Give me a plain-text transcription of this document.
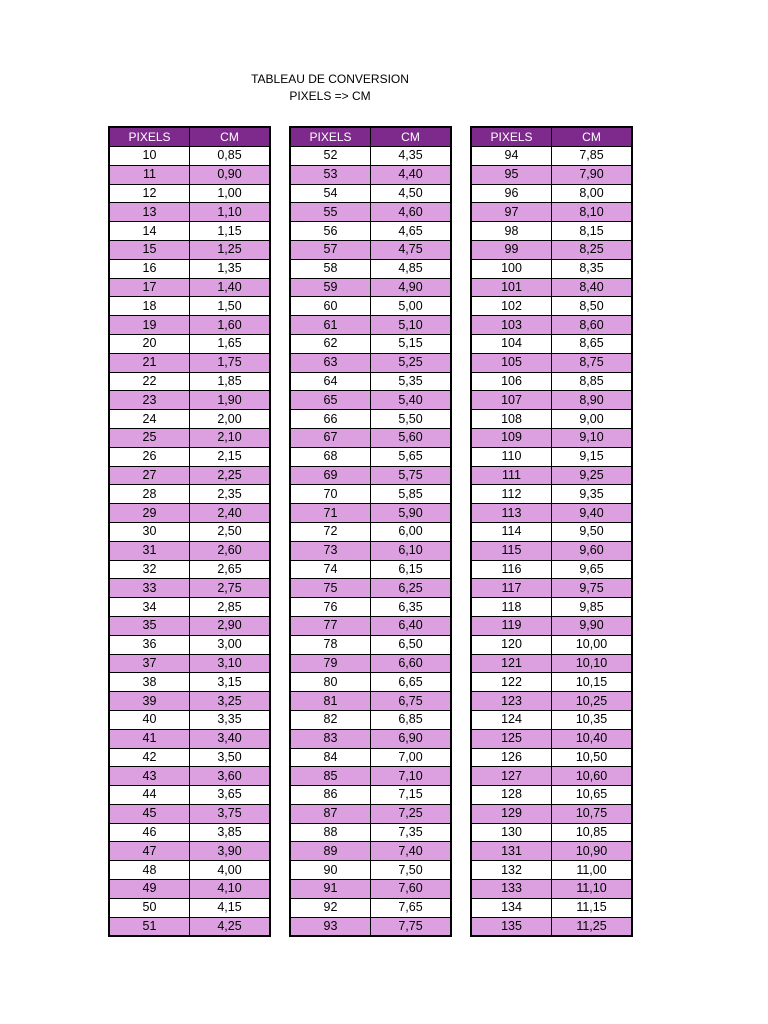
TABLEAU DE CONVERSION
PIXELS => CM
PIXELS	CM
10	0,85
11	0,90
12	1,00
13	1,10
14	1,15
15	1,25
16	1,35
17	1,40
18	1,50
19	1,60
20	1,65
21	1,75
22	1,85
23	1,90
24	2,00
25	2,10
26	2,15
27	2,25
28	2,35
29	2,40
30	2,50
31	2,60
32	2,65
33	2,75
34	2,85
35	2,90
36	3,00
37	3,10
38	3,15
39	3,25
40	3,35
41	3,40
42	3,50
43	3,60
44	3,65
45	3,75
46	3,85
47	3,90
48	4,00
49	4,10
50	4,15
51	4,25
PIXELS	CM
52	4,35
53	4,40
54	4,50
55	4,60
56	4,65
57	4,75
58	4,85
59	4,90
60	5,00
61	5,10
62	5,15
63	5,25
64	5,35
65	5,40
66	5,50
67	5,60
68	5,65
69	5,75
70	5,85
71	5,90
72	6,00
73	6,10
74	6,15
75	6,25
76	6,35
77	6,40
78	6,50
79	6,60
80	6,65
81	6,75
82	6,85
83	6,90
84	7,00
85	7,10
86	7,15
87	7,25
88	7,35
89	7,40
90	7,50
91	7,60
92	7,65
93	7,75
PIXELS	CM
94	7,85
95	7,90
96	8,00
97	8,10
98	8,15
99	8,25
100	8,35
101	8,40
102	8,50
103	8,60
104	8,65
105	8,75
106	8,85
107	8,90
108	9,00
109	9,10
110	9,15
111	9,25
112	9,35
113	9,40
114	9,50
115	9,60
116	9,65
117	9,75
118	9,85
119	9,90
120	10,00
121	10,10
122	10,15
123	10,25
124	10,35
125	10,40
126	10,50
127	10,60
128	10,65
129	10,75
130	10,85
131	10,90
132	11,00
133	11,10
134	11,15
135	11,25
